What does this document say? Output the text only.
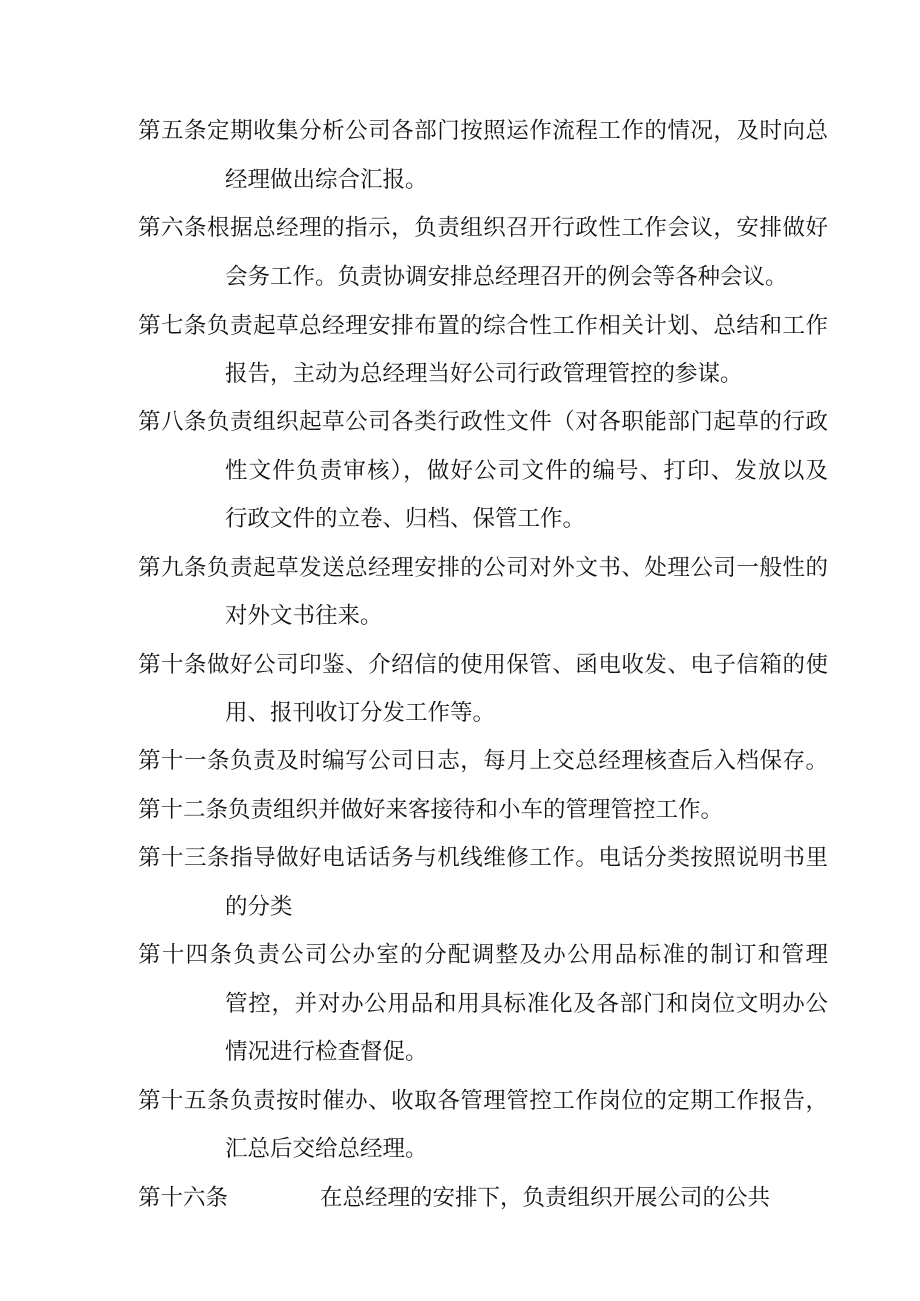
第五条定期收集分析公司各部门按照运作流程工作的情况，及时向总
经理做出综合汇报。
第六条根据总经理的指示，负责组织召开行政性工作会议，安排做好
会务工作。负责协调安排总经理召开的例会等各种会议。
第七条负责起草总经理安排布置的综合性工作相关计划、总结和工作
报告，主动为总经理当好公司行政管理管控的参谋。
第八条负责组织起草公司各类行政性文件（对各职能部门起草的行政
性文件负责审核），做好公司文件的编号、打印、发放以及
行政文件的立卷、归档、保管工作。
第九条负责起草发送总经理安排的公司对外文书、处理公司一般性的
对外文书往来。
第十条做好公司印鉴、介绍信的使用保管、函电收发、电子信箱的使
用、报刊收订分发工作等。
第十一条负责及时编写公司日志，每月上交总经理核查后入档保存。
第十二条负责组织并做好来客接待和小车的管理管控工作。
第十三条指导做好电话话务与机线维修工作。电话分类按照说明书里
的分类
第十四条负责公司公办室的分配调整及办公用品标准的制订和管理
管控，并对办公用品和用具标准化及各部门和岗位文明办公
情况进行检查督促。
第十五条负责按时催办、收取各管理管控工作岗位的定期工作报告，
汇总后交给总经理。
第十六条	在总经理的安排下，负责组织开展公司的公共
